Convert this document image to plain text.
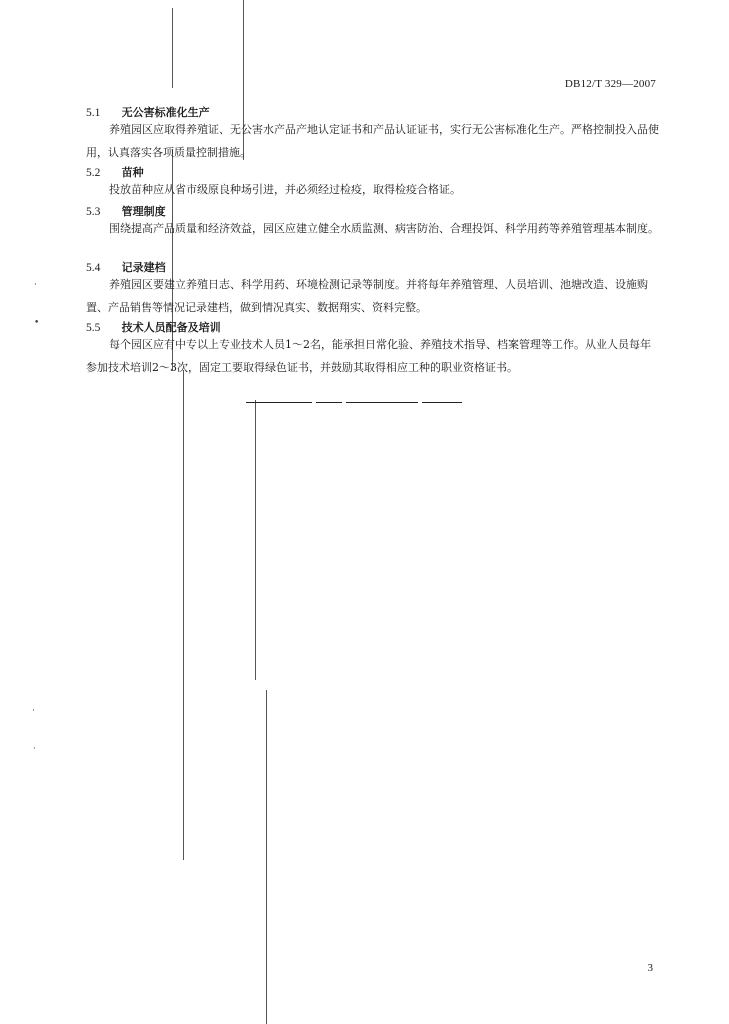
·
•
·
·
DB12/T 329—2007
5.1 无公害标准化生产
养殖园区应取得养殖证、无公害水产品产地认定证书和产品认证证书，实行无公害标准化生产。严格控制投入品使用，认真落实各项质量控制措施。
5.2 苗种
投放苗种应从省市级原良种场引进，并必须经过检疫，取得检疫合格证。
5.3 管理制度
围绕提高产品质量和经济效益，园区应建立健全水质监测、病害防治、合理投饵、科学用药等养殖管理基本制度。
5.4 记录建档
养殖园区要建立养殖日志、科学用药、环境检测记录等制度。并将每年养殖管理、人员培训、池塘改造、设施购置、产品销售等情况记录建档，做到情况真实、数据翔实、资料完整。
5.5 技术人员配备及培训
每个园区应有中专以上专业技术人员1～2名，能承担日常化验、养殖技术指导、档案管理等工作。从业人员每年参加技术培训2～3次，固定工要取得绿色证书，并鼓励其取得相应工种的职业资格证书。
3
